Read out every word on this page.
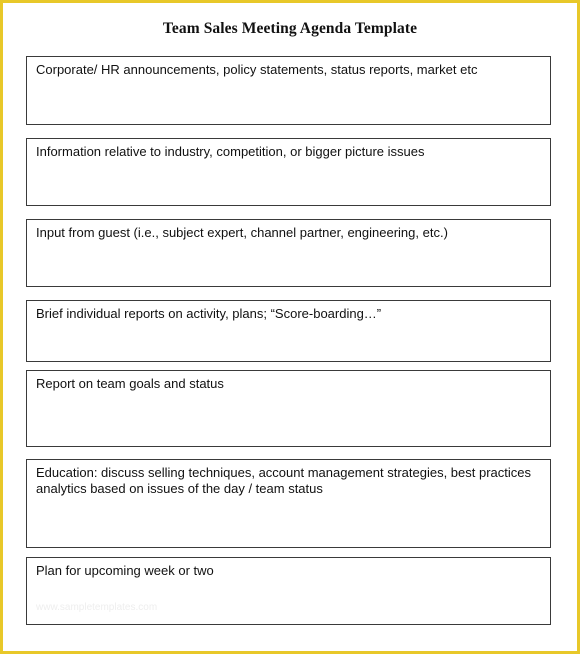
Team Sales Meeting Agenda Template
Corporate/ HR announcements, policy statements, status reports, market etc
Information relative to industry, competition, or bigger picture issues
Input from guest (i.e., subject expert, channel partner, engineering, etc.)
Brief individual reports on activity, plans; “Score-boarding…”
Report on team goals and status
Education: discuss selling techniques, account management strategies, best practices
analytics based on issues of the day / team status
Plan for upcoming week or two
www.sampletemplates.com
